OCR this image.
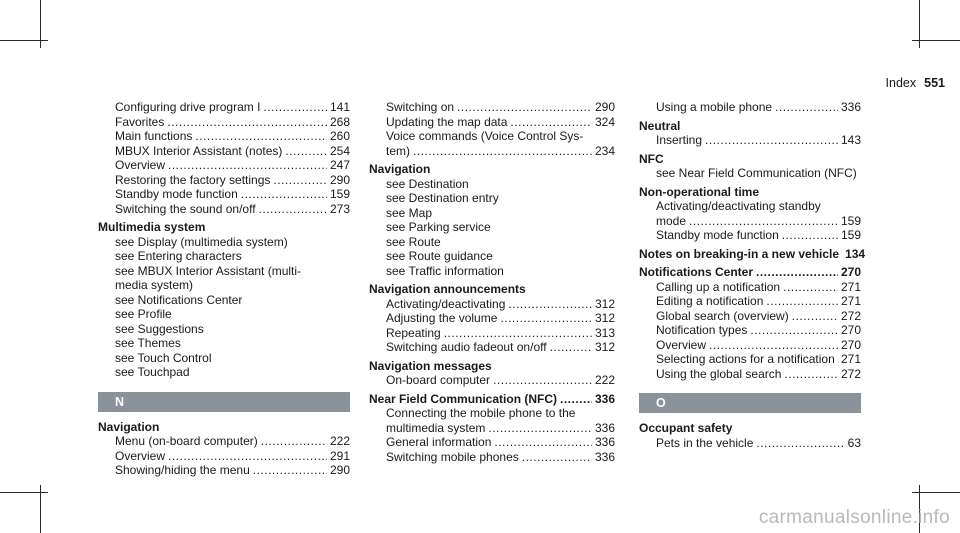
Index 551
Configuring drive program I .....	141
Favorites .....	268
Main functions .....	260
MBUX Interior Assistant (notes) .....	254
Overview .....	247
Restoring the factory settings .....	290
Standby mode function .....	159
Switching the sound on/off .....	273
Multimedia system
see Display (multimedia system)
see Entering characters
see MBUX Interior Assistant (multi-
media system)
see Notifications Center
see Profile
see Suggestions
see Themes
see Touch Control
see Touchpad
N
Navigation
Menu (on-board computer) .....	222
Overview .....	291
Showing/hiding the menu .....	290
Switching on .....	290
Updating the map data .....	324
Voice commands (Voice Control Sys-
tem) .....	234
Navigation
see Destination
see Destination entry
see Map
see Parking service
see Route
see Route guidance
see Traffic information
Navigation announcements
Activating/deactivating .....	312
Adjusting the volume .....	312
Repeating .....	313
Switching audio fadeout on/off .....	312
Navigation messages
On-board computer .....	222
Near Field Communication (NFC) .....	336
Connecting the mobile phone to the
multimedia system .....	336
General information .....	336
Switching mobile phones .....	336
Using a mobile phone .....	336
Neutral
Inserting .....	143
NFC
see Near Field Communication (NFC)
Non-operational time
Activating/deactivating standby
mode .....	159
Standby mode function .....	159
Notes on breaking-in a new vehicle 134
Notifications Center .....	270
Calling up a notification .....	271
Editing a notification .....	271
Global search (overview) .....	272
Notification types .....	270
Overview .....	270
Selecting actions for a notification ..... 271
Using the global search .....	272
O
Occupant safety
Pets in the vehicle .....	63
carmanualsonline.info
